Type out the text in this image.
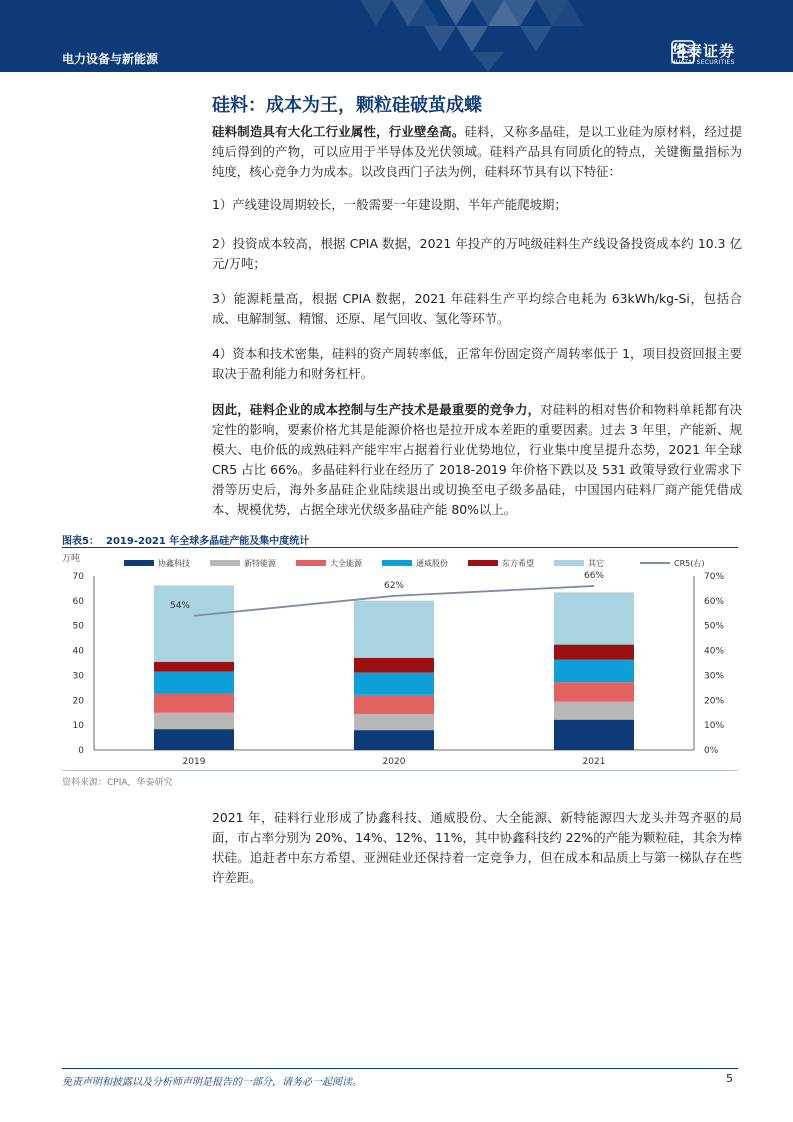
电力设备与新能源	华泰证券
HUATAI SECURITIES
硅料：成本为王，颗粒硅破茧成蝶
硅料制造具有大化工行业属性，行业壁垒高。硅料，又称多晶硅，是以工业硅为原材料，经过提纯后得到的产物，可以应用于半导体及光伏领域。硅料产品具有同质化的特点，关键衡量指标为纯度，核心竞争力为成本。以改良西门子法为例，硅料环节具有以下特征：
1）产线建设周期较长，一般需要一年建设期、半年产能爬坡期；
2）投资成本较高，根据 CPIA 数据，2021 年投产的万吨级硅料生产线设备投资成本约 10.3 亿元/万吨；
3）能源耗量高，根据 CPIA 数据，2021 年硅料生产平均综合电耗为 63kWh/kg-Si，包括合成、电解制氢、精馏、还原、尾气回收、氢化等环节。
4）资本和技术密集，硅料的资产周转率低，正常年份固定资产周转率低于 1，项目投资回报主要取决于盈利能力和财务杠杆。
因此，硅料企业的成本控制与生产技术是最重要的竞争力，对硅料的相对售价和物料单耗都有决定性的影响，要素价格尤其是能源价格也是拉开成本差距的重要因素。过去 3 年里，产能新、规模大、电价低的成熟硅料产能牢牢占据着行业优势地位，行业集中度呈提升态势，2021 年全球 CR5 占比 66%。多晶硅料行业在经历了 2018-2019 年价格下跌以及 531 政策导致行业需求下滑等历史后，海外多晶硅企业陆续退出或切换至电子级多晶硅，中国国内硅料厂商产能凭借成本、规模优势，占据全球光伏级多晶硅产能 80%以上。
图表5： 2019-2021 年全球多晶硅产能及集中度统计
万吨
0
10
20
30
40
50
60
70
0%
10%
20%
30%
40%
50%
60%
70%
2019	2020	2021
54%
62%
66%
协鑫科技	新特能源	大全能源	通威股份	东方希望	其它	CR5(右)
资料来源：CPIA，华泰研究
2021 年，硅料行业形成了协鑫科技、通威股份、大全能源、新特能源四大龙头并驾齐驱的局面，市占率分别为 20%、14%、12%、11%，其中协鑫科技约 22%的产能为颗粒硅，其余为棒状硅。追赶者中东方希望、亚洲硅业还保持着一定竞争力，但在成本和品质上与第一梯队存在些许差距。
免责声明和披露以及分析师声明是报告的一部分，请务必一起阅读。	5
